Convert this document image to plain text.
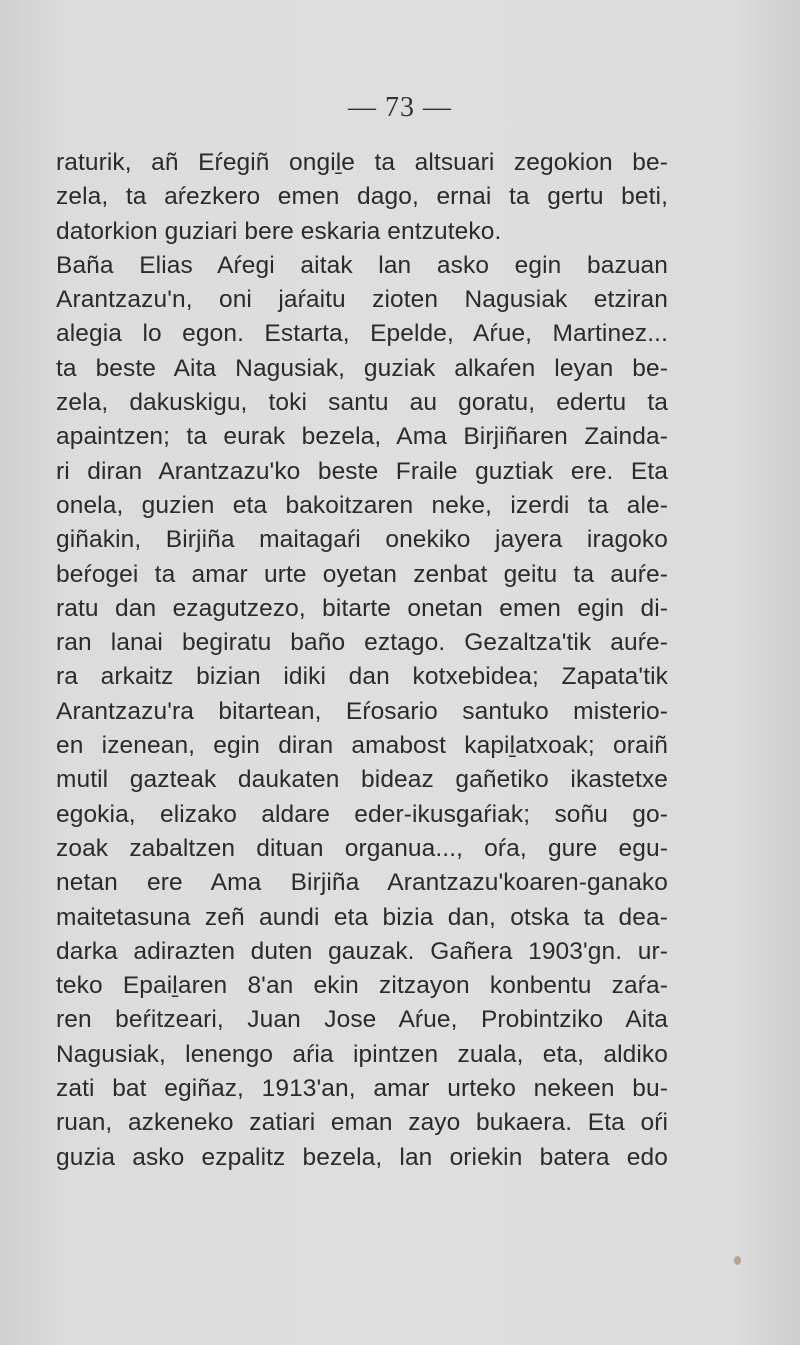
— 73 —
raturik, añ Eŕegiñ ongiḻe ta altsuari zegokion be-
zela, ta aŕezkero emen dago, ernai ta gertu beti,
datorkion guziari bere eskaria entzuteko.
Baña Elias Aŕegi aitak lan asko egin bazuan
Arantzazu'n, oni jaŕaitu zioten Nagusiak etziran
alegia lo egon. Estarta, Epelde, Aŕue, Martinez...
ta beste Aita Nagusiak, guziak alkaŕen leyan be-
zela, dakuskigu, toki santu au goratu, edertu ta
apaintzen; ta eurak bezela, Ama Birjiñaren Zainda-
ri diran Arantzazu'ko beste Fraile guztiak ere. Eta
onela, guzien eta bakoitzaren neke, izerdi ta ale-
giñakin, Birjiña maitagaŕi onekiko jayera iragoko
beŕogei ta amar urte oyetan zenbat geitu ta auŕe-
ratu dan ezagutzezo, bitarte onetan emen egin di-
ran lanai begiratu baño eztago. Gezaltza'tik auŕe-
ra arkaitz bizian idiki dan kotxebidea; Zapata'tik
Arantzazu'ra bitartean, Eŕosario santuko misterio-
en izenean, egin diran amabost kapiḻatxoak; oraiñ
mutil gazteak daukaten bideaz gañetiko ikastetxe
egokia, elizako aldare eder-ikusgaŕiak; soñu go-
zoak zabaltzen dituan organua..., oŕa, gure egu-
netan ere Ama Birjiña Arantzazu'koaren-ganako
maitetasuna zeñ aundi eta bizia dan, otska ta dea-
darka adirazten duten gauzak. Gañera 1903'gn. ur-
teko Epaiḻaren 8'an ekin zitzayon konbentu zaŕa-
ren beŕitzeari, Juan Jose Aŕue, Probintziko Aita
Nagusiak, lenengo aŕia ipintzen zuala, eta, aldiko
zati bat egiñaz, 1913'an, amar urteko nekeen bu-
ruan, azkeneko zatiari eman zayo bukaera. Eta oŕi
guzia asko ezpalitz bezela, lan oriekin batera edo
